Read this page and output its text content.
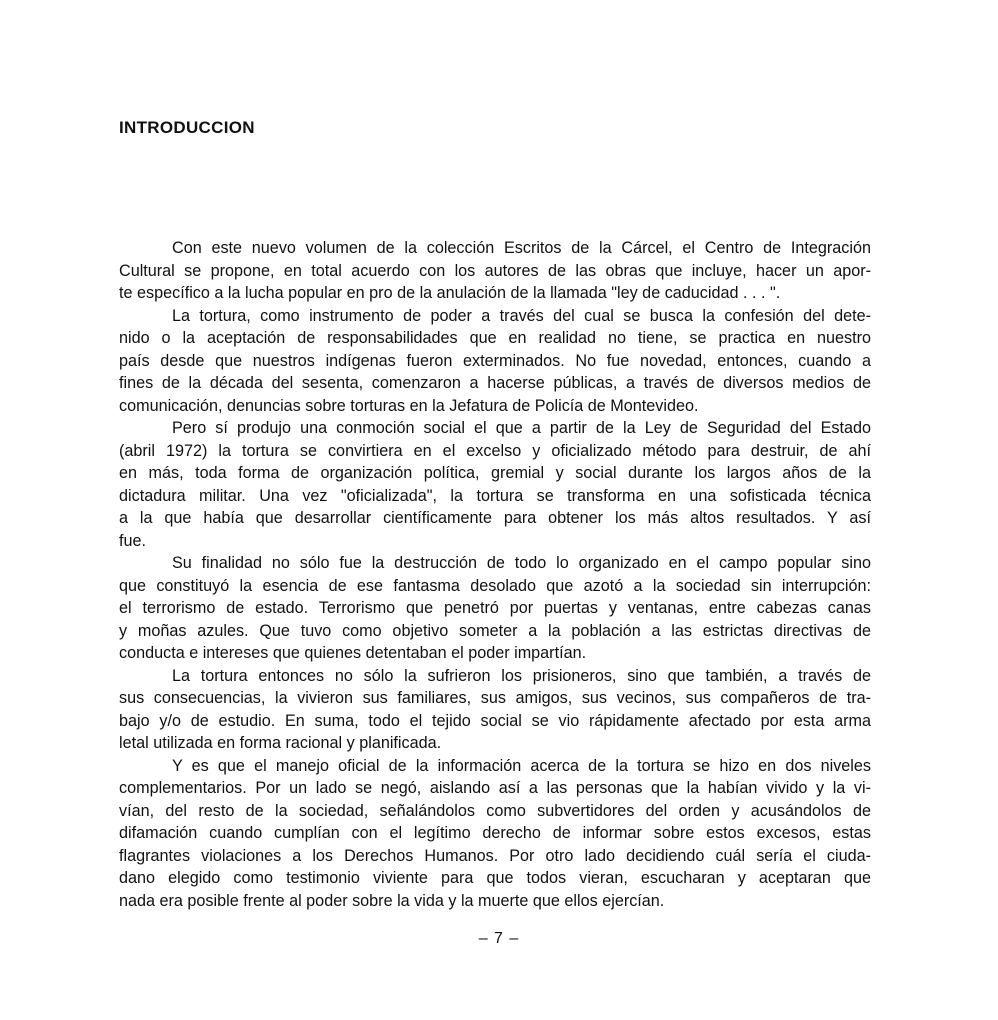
INTRODUCCION
Con este nuevo volumen de la colección Escritos de la Cárcel, el Centro de Integración
Cultural se propone, en total acuerdo con los autores de las obras que incluye, hacer un apor-
te específico a la lucha popular en pro de la anulación de la llamada "ley de caducidad . . . ".
La tortura, como instrumento de poder a través del cual se busca la confesión del dete-
nido o la aceptación de responsabilidades que en realidad no tiene, se practica en nuestro
país desde que nuestros indígenas fueron exterminados. No fue novedad, entonces, cuando a
fines de la década del sesenta, comenzaron a hacerse públicas, a través de diversos medios de
comunicación, denuncias sobre torturas en la Jefatura de Policía de Montevideo.
Pero sí produjo una conmoción social el que a partir de la Ley de Seguridad del Estado
(abril 1972) la tortura se convirtiera en el excelso y oficializado método para destruir, de ahí
en más, toda forma de organización política, gremial y social durante los largos años de la
dictadura militar. Una vez "oficializada", la tortura se transforma en una sofisticada técnica
a la que había que desarrollar científicamente para obtener los más altos resultados. Y así
fue.
Su finalidad no sólo fue la destrucción de todo lo organizado en el campo popular sino
que constituyó la esencia de ese fantasma desolado que azotó a la sociedad sin interrupción:
el terrorismo de estado. Terrorismo que penetró por puertas y ventanas, entre cabezas canas
y moñas azules. Que tuvo como objetivo someter a la población a las estrictas directivas de
conducta e intereses que quienes detentaban el poder impartían.
La tortura entonces no sólo la sufrieron los prisioneros, sino que también, a través de
sus consecuencias, la vivieron sus familiares, sus amigos, sus vecinos, sus compañeros de tra-
bajo y/o de estudio. En suma, todo el tejido social se vio rápidamente afectado por esta arma
letal utilizada en forma racional y planificada.
Y es que el manejo oficial de la información acerca de la tortura se hizo en dos niveles
complementarios. Por un lado se negó, aislando así a las personas que la habían vivido y la vi-
vían, del resto de la sociedad, señalándolos como subvertidores del orden y acusándolos de
difamación cuando cumplían con el legítimo derecho de informar sobre estos excesos, estas
flagrantes violaciones a los Derechos Humanos. Por otro lado decidiendo cuál sería el ciuda-
dano elegido como testimonio viviente para que todos vieran, escucharan y aceptaran que
nada era posible frente al poder sobre la vida y la muerte que ellos ejercían.
– 7 –
